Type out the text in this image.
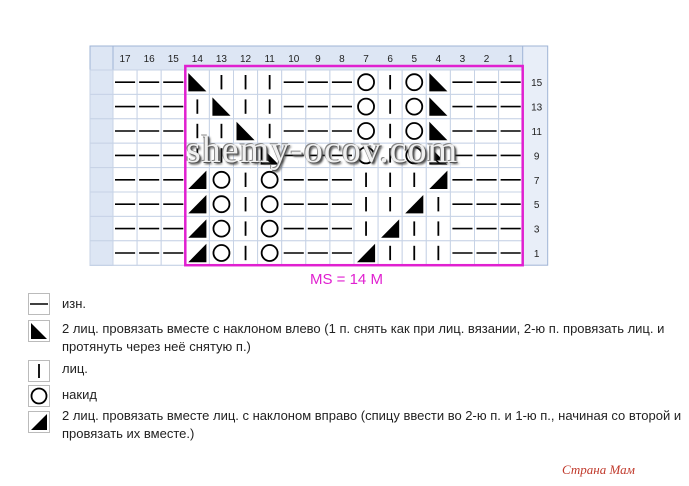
17 16 15 14 13 12 11 10 9 8 7 6 5 4 3 2 1
15
13
11
9
7
5
3
1
MS = 14 M
shemy-ocov.com
изн.
2 лиц. провязать вместе с наклоном влево (1 п. снять как при лиц. вязании, 2-ю п. провязать лиц. и протянуть через неё снятую п.)
лиц.
накид
2 лиц. провязать вместе лиц. с наклоном вправо (спицу ввести во 2-ю п. и 1-ю п., начиная со второй и провязать их вместе.)
Страна Мам
